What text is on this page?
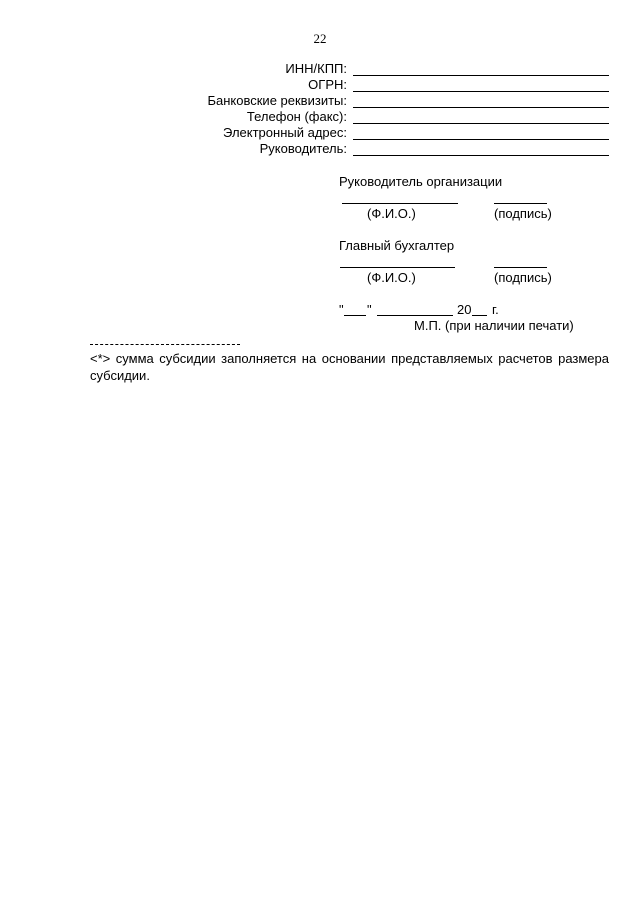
22
ИНН/КПП:
ОГРН:
Банковские реквизиты:
Телефон (факс):
Электронный адрес:
Руководитель:
Руководитель организации
(Ф.И.О.)	(подпись)
Главный бухгалтер
(Ф.И.О.)	(подпись)
" "	20 г.
М.П. (при наличии печати)
<*> сумма субсидии заполняется на основании представляемых расчетов размера субсидии.
